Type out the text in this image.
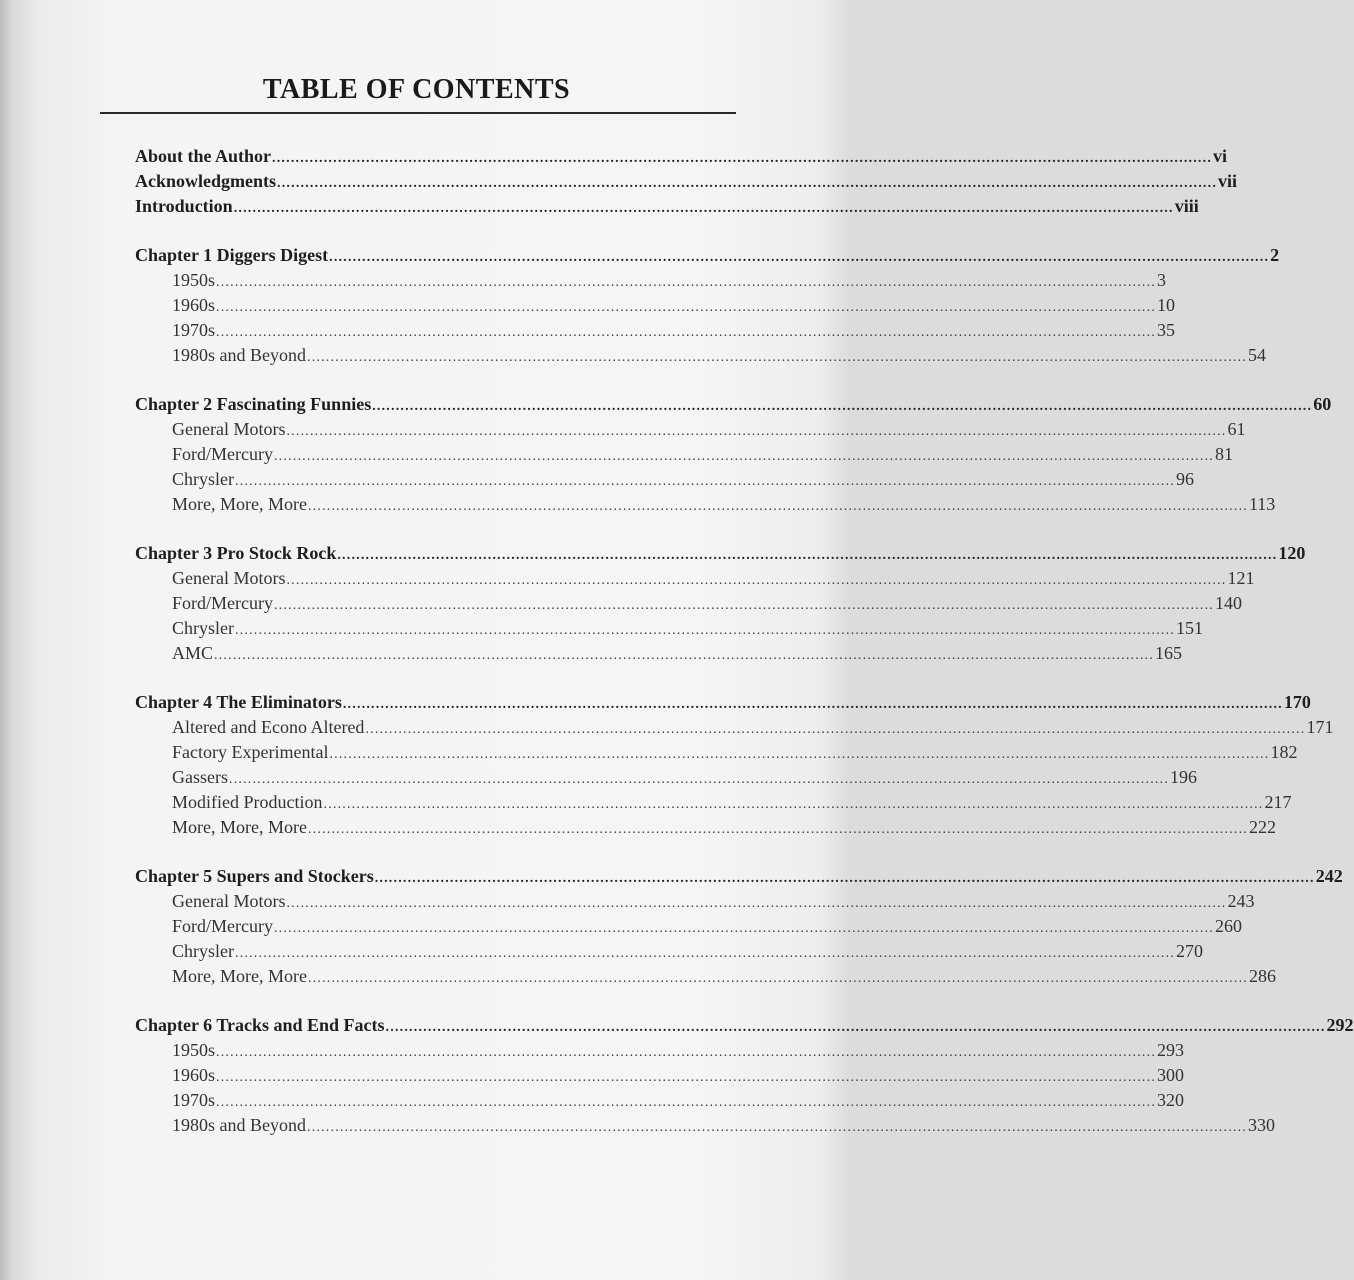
TABLE OF CONTENTS
About the Author ........................................................................................................................................................................................................ vi
Acknowledgments ........................................................................................................................................................................................................ vii
Introduction ........................................................................................................................................................................................................ viii
Chapter 1 Diggers Digest ........................................................................................................................................................................................................ 2
1950s ........................................................................................................................................................................................................ 3
1960s ........................................................................................................................................................................................................ 10
1970s ........................................................................................................................................................................................................ 35
1980s and Beyond ........................................................................................................................................................................................................ 54
Chapter 2 Fascinating Funnies ........................................................................................................................................................................................................ 60
General Motors ........................................................................................................................................................................................................ 61
Ford/Mercury ........................................................................................................................................................................................................ 81
Chrysler ........................................................................................................................................................................................................ 96
More, More, More ........................................................................................................................................................................................................ 113
Chapter 3 Pro Stock Rock ........................................................................................................................................................................................................ 120
General Motors ........................................................................................................................................................................................................ 121
Ford/Mercury ........................................................................................................................................................................................................ 140
Chrysler ........................................................................................................................................................................................................ 151
AMC ........................................................................................................................................................................................................ 165
Chapter 4 The Eliminators ........................................................................................................................................................................................................ 170
Altered and Econo Altered ........................................................................................................................................................................................................ 171
Factory Experimental ........................................................................................................................................................................................................ 182
Gassers ........................................................................................................................................................................................................ 196
Modified Production ........................................................................................................................................................................................................ 217
More, More, More ........................................................................................................................................................................................................ 222
Chapter 5 Supers and Stockers ........................................................................................................................................................................................................ 242
General Motors ........................................................................................................................................................................................................ 243
Ford/Mercury ........................................................................................................................................................................................................ 260
Chrysler ........................................................................................................................................................................................................ 270
More, More, More ........................................................................................................................................................................................................ 286
Chapter 6 Tracks and End Facts ........................................................................................................................................................................................................ 292
1950s ........................................................................................................................................................................................................ 293
1960s ........................................................................................................................................................................................................ 300
1970s ........................................................................................................................................................................................................ 320
1980s and Beyond ........................................................................................................................................................................................................ 330
